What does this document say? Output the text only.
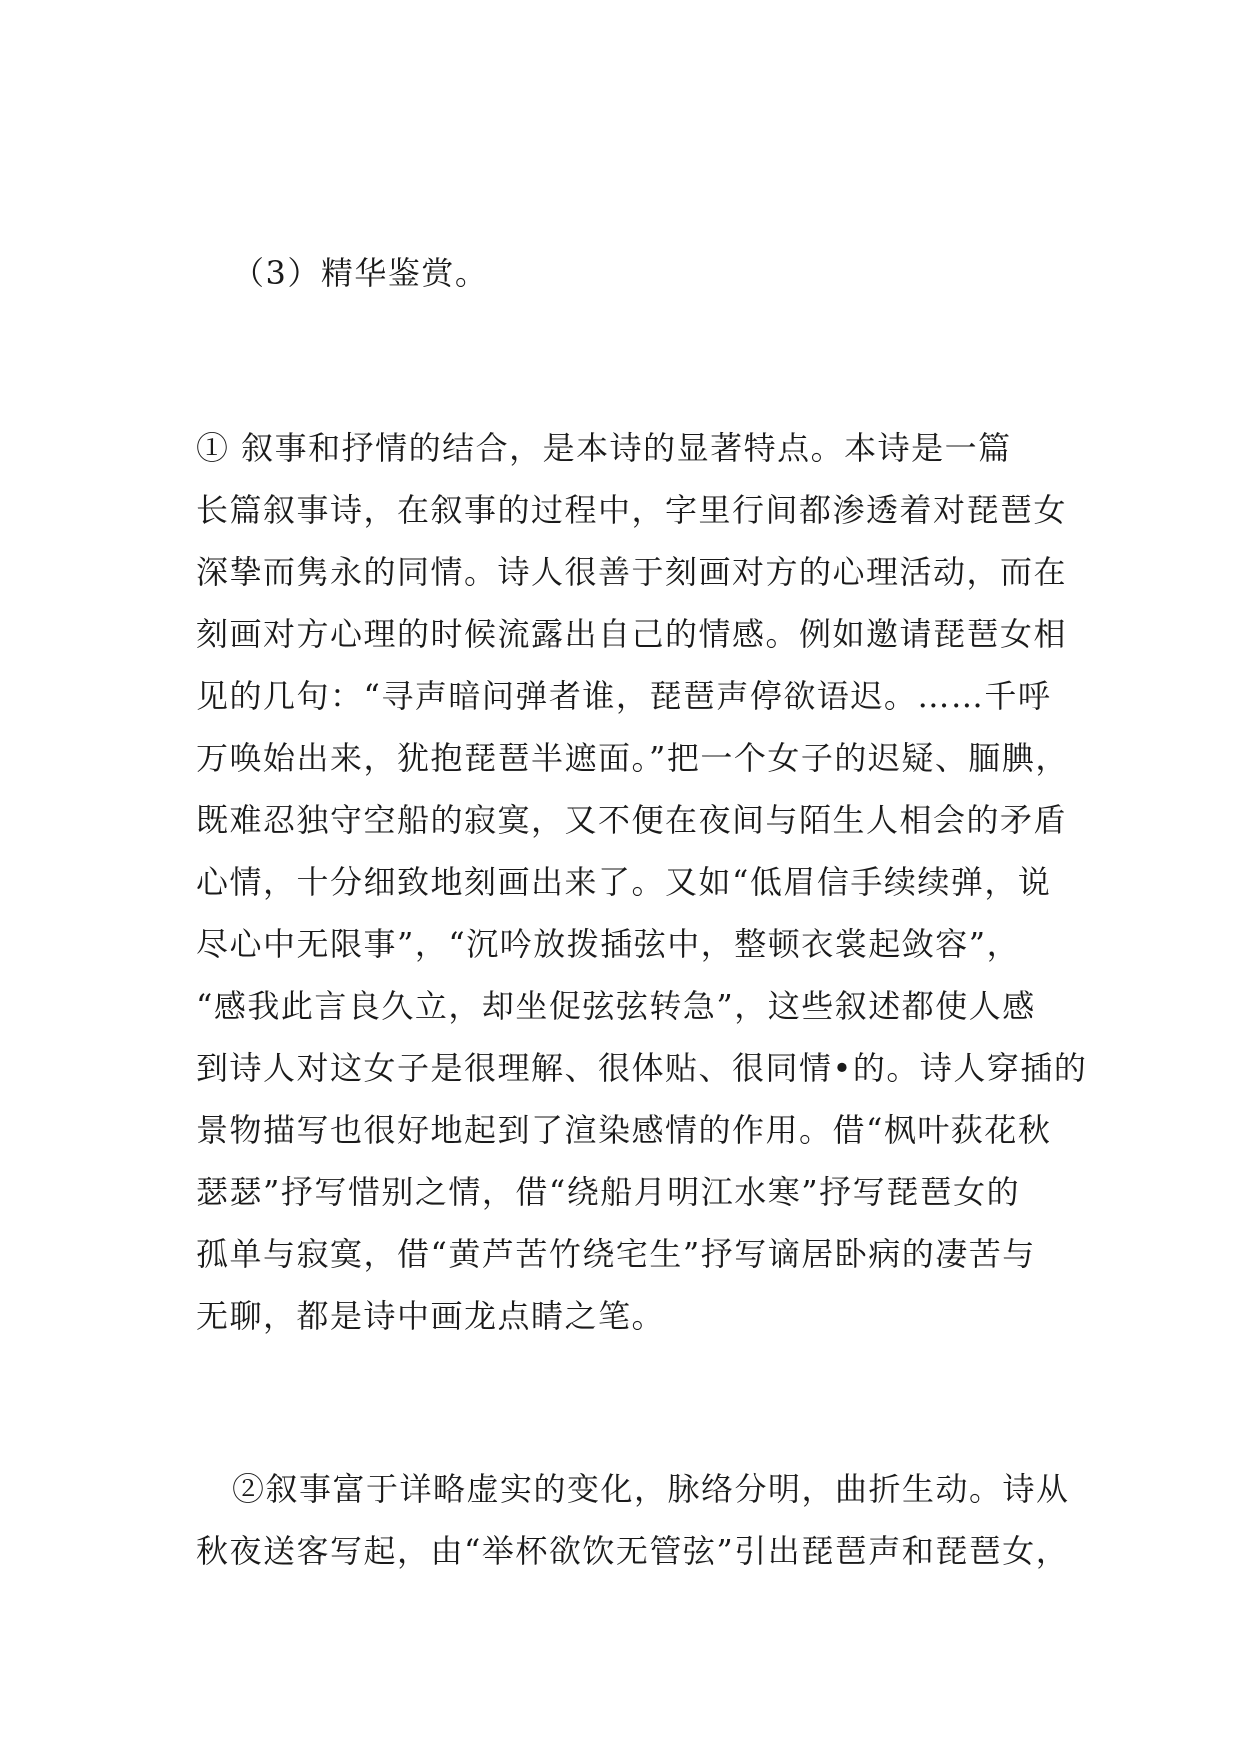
（3）精华鉴赏。

① 叙事和抒情的结合，是本诗的显著特点。本诗是一篇

长篇叙事诗，在叙事的过程中，字里行间都渗透着对琵琶女

深挚而隽永的同情。诗人很善于刻画对方的心理活动，而在

刻画对方心理的时候流露出自己的情感。例如邀请琵琶女相

见的几句：“寻声暗问弹者谁，琵琶声停欲语迟。……千呼

万唤始出来，犹抱琵琶半遮面。”把一个女子的迟疑、腼腆，

既难忍独守空船的寂寞，又不便在夜间与陌生人相会的矛盾

心情，十分细致地刻画出来了。又如“低眉信手续续弹，说

尽心中无限事”，“沉吟放拨插弦中，整顿衣裳起敛容”，

“感我此言良久立，却坐促弦弦转急”，这些叙述都使人感

到诗人对这女子是很理解、很体贴、很同情•的。诗人穿插的

景物描写也很好地起到了渲染感情的作用。借“枫叶荻花秋

瑟瑟”抒写惜别之情，借“绕船月明江水寒”抒写琵琶女的

孤单与寂寞，借“黄芦苦竹绕宅生”抒写谪居卧病的凄苦与

无聊，都是诗中画龙点睛之笔。

②叙事富于详略虚实的变化，脉络分明，曲折生动。诗从

秋夜送客写起，由“举杯欲饮无管弦”引出琵琶声和琵琶女，
